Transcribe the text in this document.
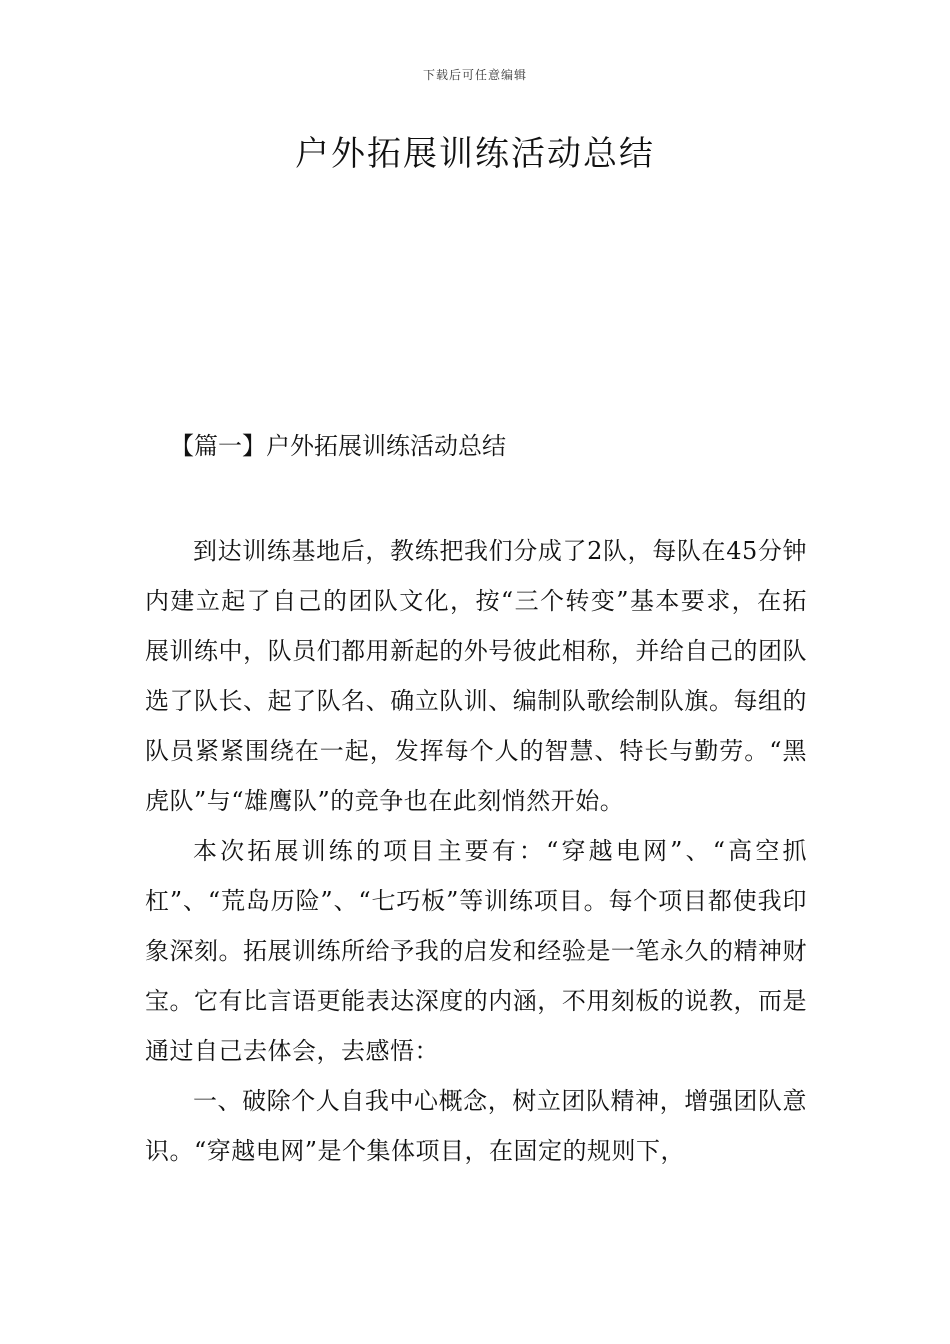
下载后可任意编辑
户外拓展训练活动总结
【篇一】户外拓展训练活动总结

到达训练基地后，教练把我们分成了2队，每队在45分钟内建立起了自己的团队文化，按“三个转变”基本要求，在拓展训练中，队员们都用新起的外号彼此相称，并给自己的团队选了队长、起了队名、确立队训、编制队歌绘制队旗。每组的队员紧紧围绕在一起，发挥每个人的智慧、特长与勤劳。“黑虎队”与“雄鹰队”的竞争也在此刻悄然开始。

本次拓展训练的项目主要有：“穿越电网”、“高空抓杠”、“荒岛历险”、“七巧板”等训练项目。每个项目都使我印象深刻。拓展训练所给予我的启发和经验是一笔永久的精神财宝。它有比言语更能表达深度的内涵，不用刻板的说教，而是通过自己去体会，去感悟：

一、破除个人自我中心概念，树立团队精神，增强团队意识。“穿越电网”是个集体项目，在固定的规则下，
